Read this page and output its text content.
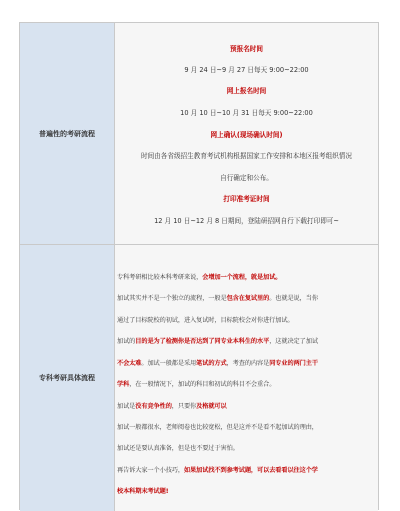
普遍性的考研流程
预报名时间
9 月 24 日~9 月 27 日每天 9:00~22:00
网上报名时间
10 月 10 日~10 月 31 日每天 9:00~22:00
网上确认(现场确认时间)
时间由各省级招生教育考试机构根据国家工作安排和本地区报考组织情况
自行确定和公布。
打印准考证时间
12 月 10 日~12 月 8 日期间，登陆研招网自行下载打印即可~
专科考研具体流程
专科考研相比较本科考研来说，会增加一个流程，就是加试。
加试其实并不是一个独立的流程，一般是包含在复试里的。也就是说，当你
通过了目标院校的初试，进入复试时，目标院校会对你进行加试。
加试的目的是为了检测你是否达到了同专业本科生的水平，这就决定了加试
不会太难。加试一般都是采用笔试的方式，考查的内容是同专业的两门主干
学科，在一般情况下，加试的科目和初试的科目不会重合。
加试是没有竞争性的，只要你及格就可以
加试一般都很水，老师阅卷也比较宽松，但是这并不是看不起加试的理由，
加试还是要认真准备，但是也不要过于害怕。
再告诉大家一个小技巧，如果加试找不到参考试题，可以去看看以往这个学
校本科期末考试题!
